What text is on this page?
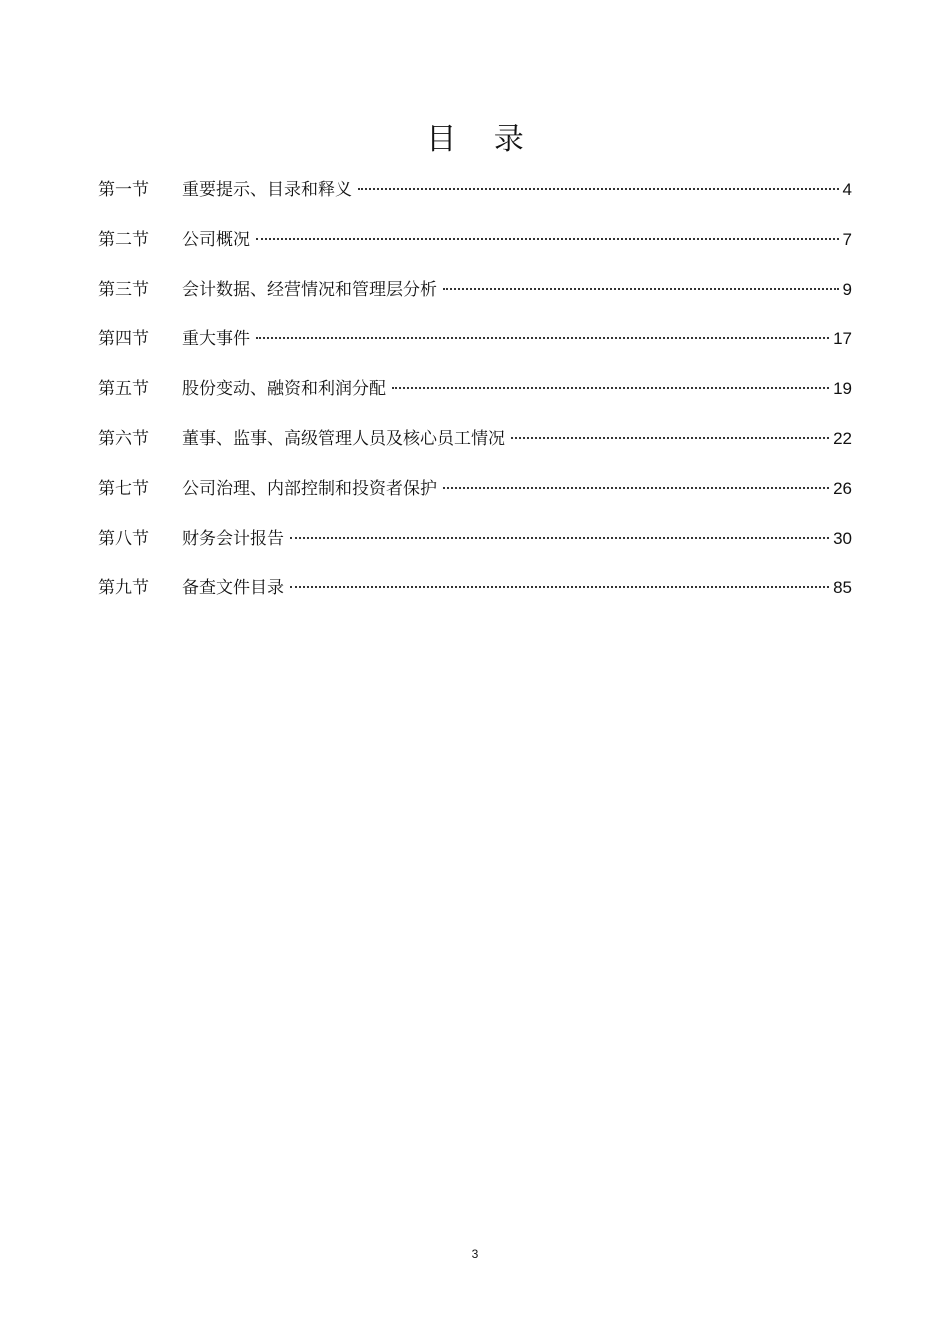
目 录
第一节	重要提示、目录和释义	4
第二节	公司概况	7
第三节	会计数据、经营情况和管理层分析	9
第四节	重大事件	17
第五节	股份变动、融资和利润分配	19
第六节	董事、监事、高级管理人员及核心员工情况	22
第七节	公司治理、内部控制和投资者保护	26
第八节	财务会计报告	30
第九节	备查文件目录	85
3
